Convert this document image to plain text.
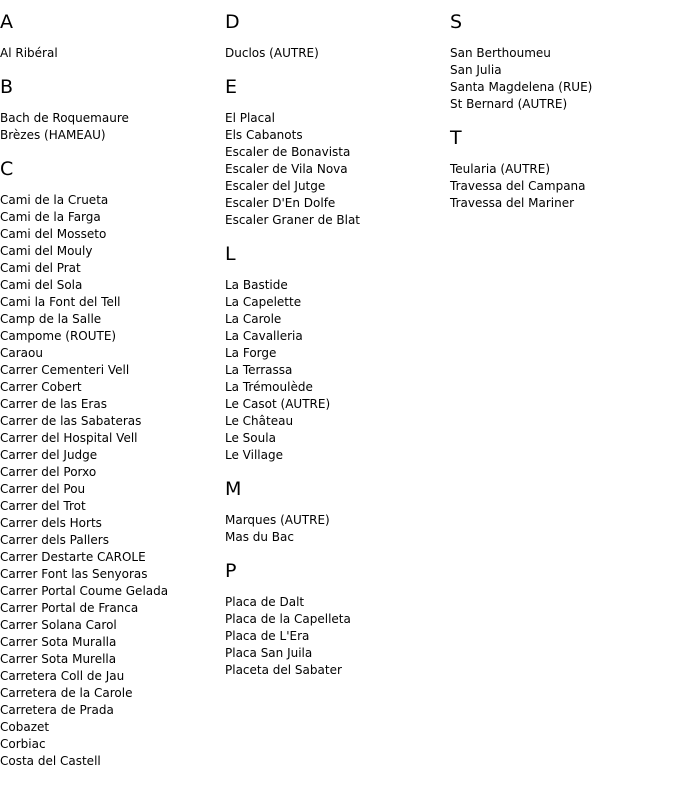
A
Al Ribéral
B
Bach de Roquemaure
Brèzes (HAMEAU)
C
Cami de la Crueta
Cami de la Farga
Cami del Mosseto
Cami del Mouly
Cami del Prat
Cami del Sola
Cami la Font del Tell
Camp de la Salle
Campome (ROUTE)
Caraou
Carrer Cementeri Vell
Carrer Cobert
Carrer de las Eras
Carrer de las Sabateras
Carrer del Hospital Vell
Carrer del Judge
Carrer del Porxo
Carrer del Pou
Carrer del Trot
Carrer dels Horts
Carrer dels Pallers
Carrer Destarte CAROLE
Carrer Font las Senyoras
Carrer Portal Coume Gelada
Carrer Portal de Franca
Carrer Solana Carol
Carrer Sota Muralla
Carrer Sota Murella
Carretera Coll de Jau
Carretera de la Carole
Carretera de Prada
Cobazet
Corbiac
Costa del Castell
D
Duclos (AUTRE)
E
El Placal
Els Cabanots
Escaler de Bonavista
Escaler de Vila Nova
Escaler del Jutge
Escaler D'En Dolfe
Escaler Graner de Blat
L
La Bastide
La Capelette
La Carole
La Cavalleria
La Forge
La Terrassa
La Trémoulède
Le Casot (AUTRE)
Le Château
Le Soula
Le Village
M
Marques (AUTRE)
Mas du Bac
P
Placa de Dalt
Placa de la Capelleta
Placa de L'Era
Placa San Juila
Placeta del Sabater
S
San Berthoumeu
San Julia
Santa Magdelena (RUE)
St Bernard (AUTRE)
T
Teularia (AUTRE)
Travessa del Campana
Travessa del Mariner
